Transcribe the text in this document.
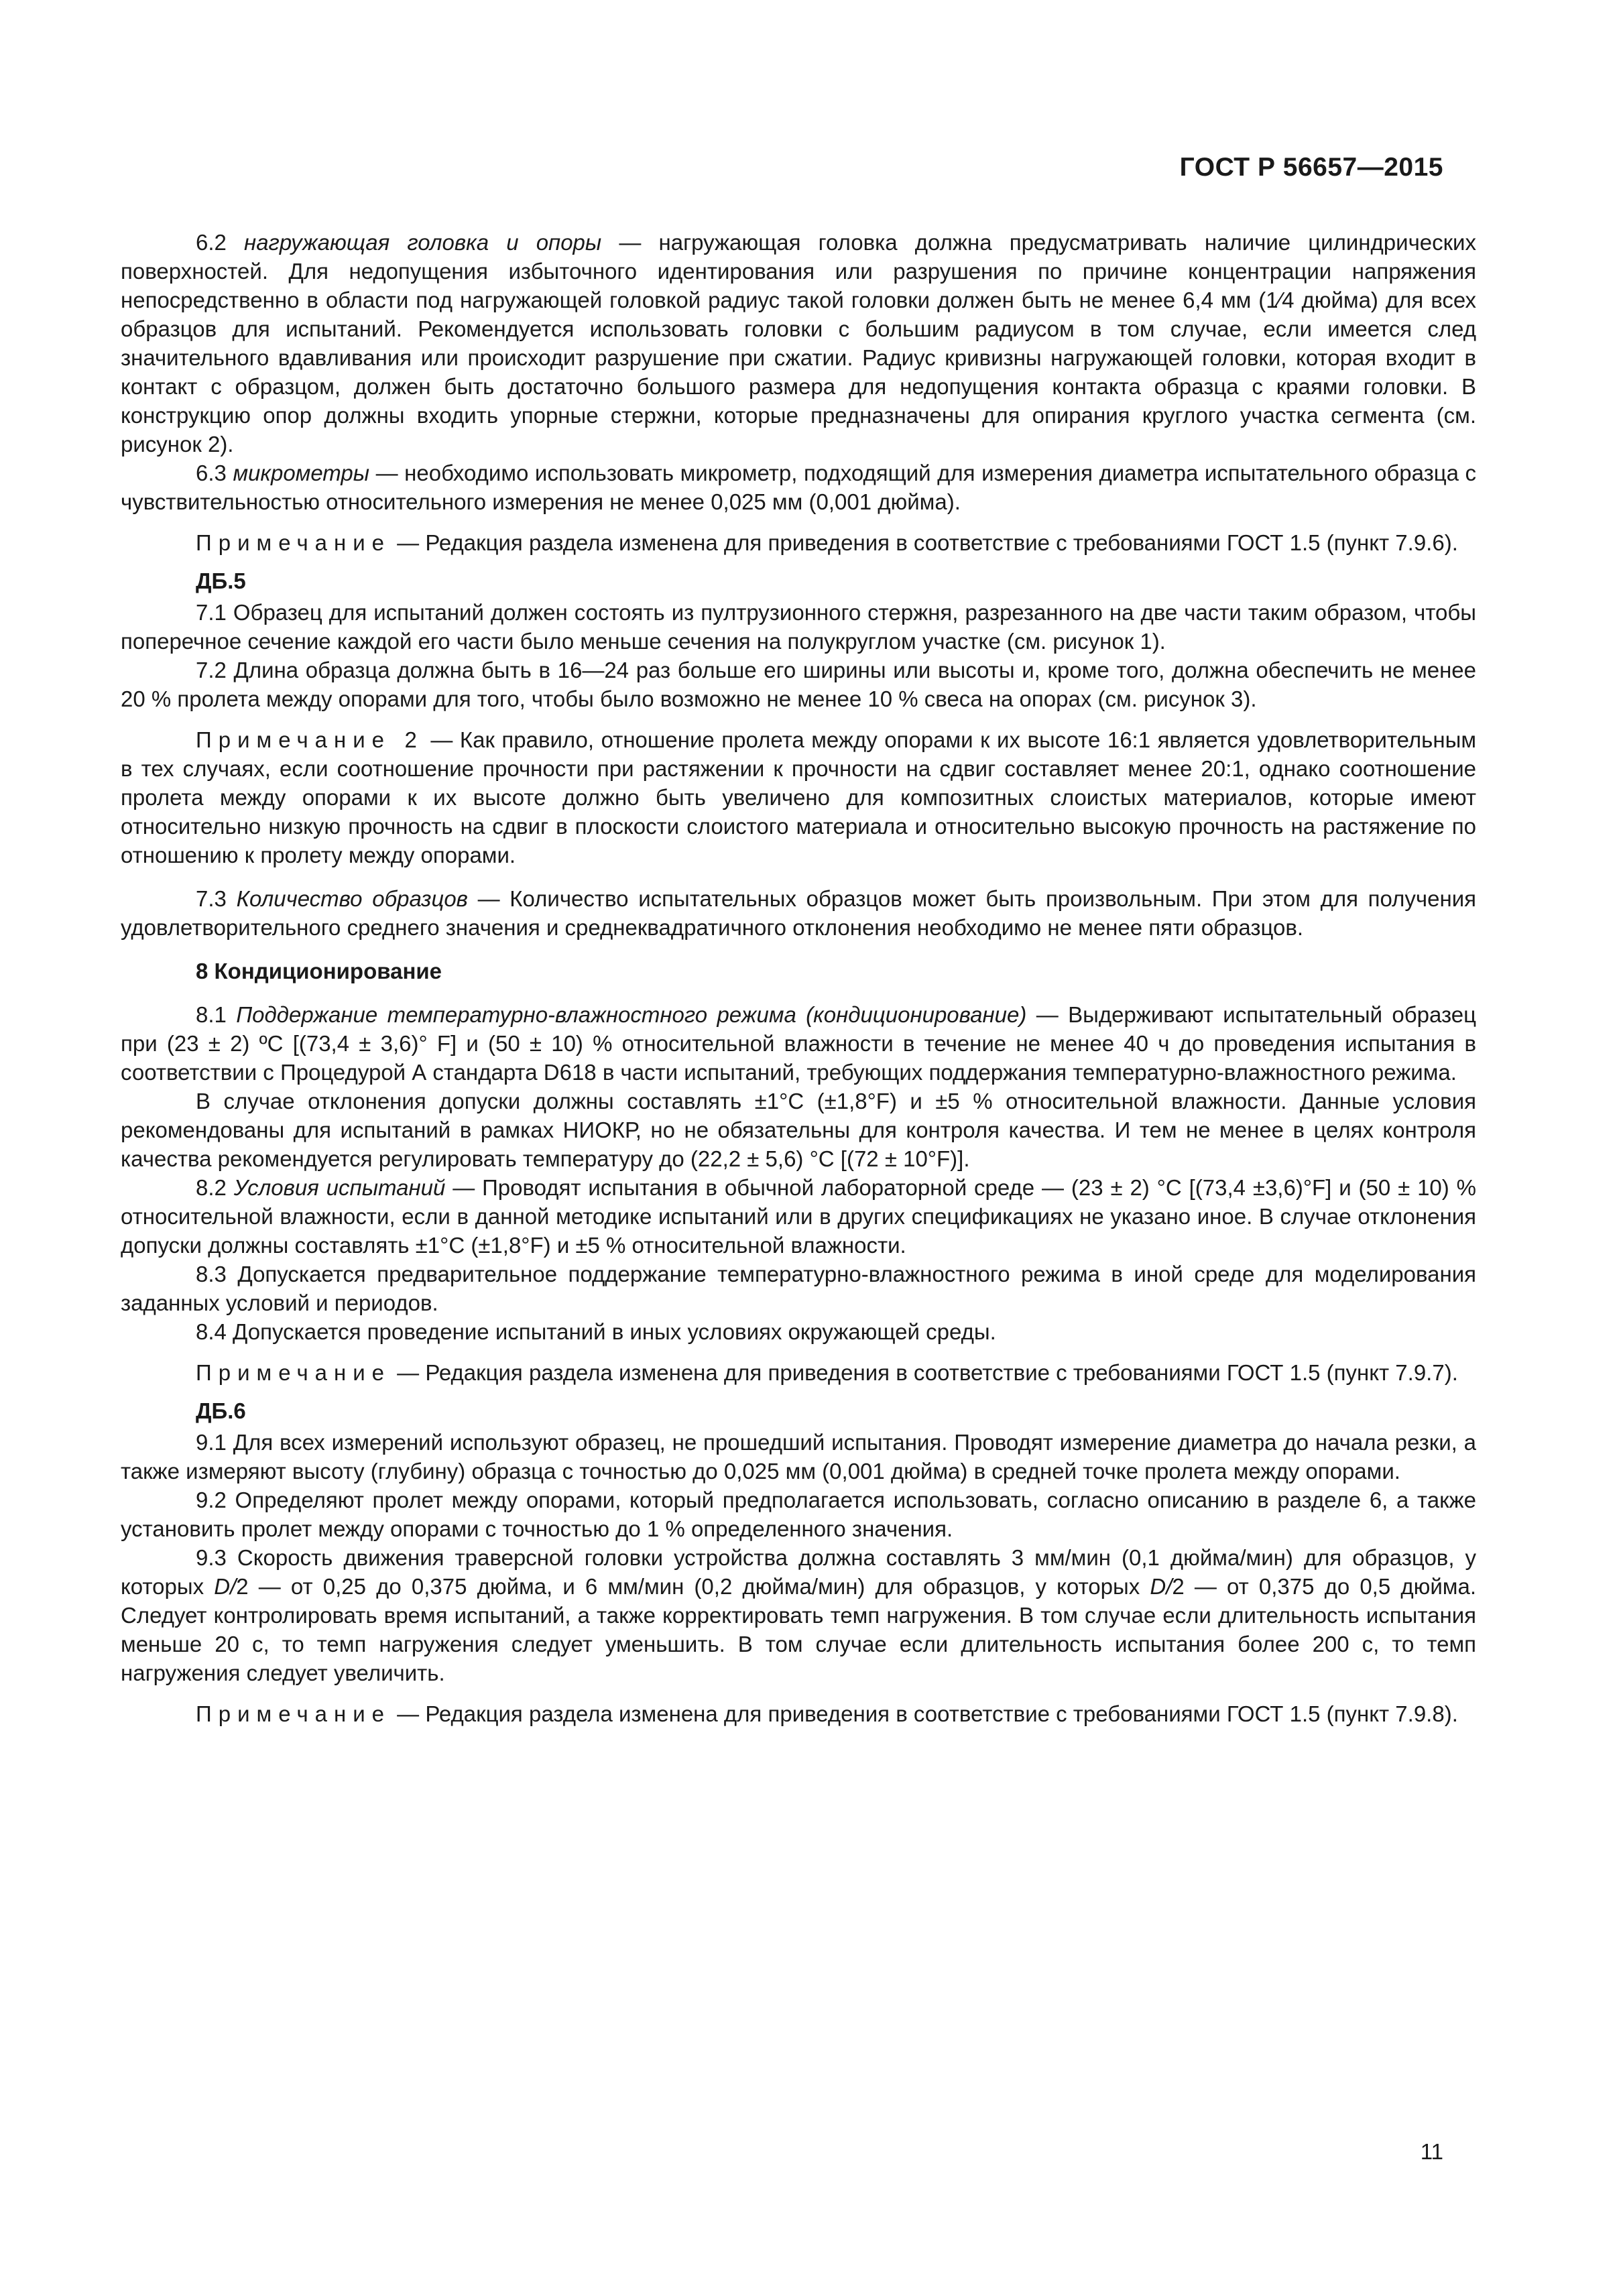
ГОСТ Р 56657—2015

6.2 нагружающая головка и опоры — нагружающая головка должна предусматривать наличие цилиндрических поверхностей. Для недопущения избыточного идентирования или разрушения по причине концентрации напряжения непосредственно в области под нагружающей головкой радиус такой головки должен быть не менее 6,4 мм (1⁄4 дюйма) для всех образцов для испытаний. Рекомендуется использовать головки с большим радиусом в том случае, если имеется след значительного вдавливания или происходит разрушение при сжатии. Радиус кривизны нагружающей головки, которая входит в контакт с образцом, должен быть достаточно большого размера для недопущения контакта образца с краями головки. В конструкцию опор должны входить упорные стержни, которые предназначены для опирания круглого участка сегмента (см. рисунок 2).

6.3 микрометры — необходимо использовать микрометр, подходящий для измерения диаметра испытательного образца с чувствительностью относительного измерения не менее 0,025 мм (0,001 дюйма).

Примечание — Редакция раздела изменена для приведения в соответствие с требованиями ГОСТ 1.5 (пункт 7.9.6).

ДБ.5

7.1 Образец для испытаний должен состоять из пултрузионного стержня, разрезанного на две части таким образом, чтобы поперечное сечение каждой его части было меньше сечения на полукруглом участке (см. рисунок 1).

7.2 Длина образца должна быть в 16—24 раз больше его ширины или высоты и, кроме того, должна обеспечить не менее 20 % пролета между опорами для того, чтобы было возможно не менее 10 % свеса на опорах (см. рисунок 3).

Примечание 2 — Как правило, отношение пролета между опорами к их высоте 16:1 является удовлетворительным в тех случаях, если соотношение прочности при растяжении к прочности на сдвиг составляет менее 20:1, однако соотношение пролета между опорами к их высоте должно быть увеличено для композитных слоистых материалов, которые имеют относительно низкую прочность на сдвиг в плоскости слоистого материала и относительно высокую прочность на растяжение по отношению к пролету между опорами.

7.3 Количество образцов — Количество испытательных образцов может быть произвольным. При этом для получения удовлетворительного среднего значения и среднеквадратичного отклонения необходимо не менее пяти образцов.

8 Кондиционирование

8.1 Поддержание температурно-влажностного режима (кондиционирование) — Выдерживают испытательный образец при (23 ± 2) ºС [(73,4 ± 3,6)° F] и (50 ± 10) % относительной влажности в течение не менее 40 ч до проведения испытания в соответствии с Процедурой А стандарта D618 в части испытаний, требующих поддержания температурно-влажностного режима.

В случае отклонения допуски должны составлять ±1°С (±1,8°F) и ±5 % относительной влажности. Данные условия рекомендованы для испытаний в рамках НИОКР, но не обязательны для контроля качества. И тем не менее в целях контроля качества рекомендуется регулировать температуру до (22,2 ± 5,6) °С [(72 ± 10°F)].

8.2 Условия испытаний — Проводят испытания в обычной лабораторной среде — (23 ± 2) °С [(73,4 ±3,6)°F] и (50 ± 10) % относительной влажности, если в данной методике испытаний или в других спецификациях не указано иное. В случае отклонения допуски должны составлять ±1°С (±1,8°F) и ±5 % относительной влажности.

8.3 Допускается предварительное поддержание температурно-влажностного режима в иной среде для моделирования заданных условий и периодов.

8.4 Допускается проведение испытаний в иных условиях окружающей среды.

Примечание — Редакция раздела изменена для приведения в соответствие с требованиями ГОСТ 1.5 (пункт 7.9.7).

ДБ.6

9.1 Для всех измерений используют образец, не прошедший испытания. Проводят измерение диаметра до начала резки, а также измеряют высоту (глубину) образца с точностью до 0,025 мм (0,001 дюйма) в средней точке пролета между опорами.

9.2 Определяют пролет между опорами, который предполагается использовать, согласно описанию в разделе 6, а также установить пролет между опорами с точностью до 1 % определенного значения.

9.3 Скорость движения траверсной головки устройства должна составлять 3 мм/мин (0,1 дюйма/мин) для образцов, у которых D/2 — от 0,25 до 0,375 дюйма, и 6 мм/мин (0,2 дюйма/мин) для образцов, у которых D/2 — от 0,375 до 0,5 дюйма. Следует контролировать время испытаний, а также корректировать темп нагружения. В том случае если длительность испытания меньше 20 с, то темп нагружения следует уменьшить. В том случае если длительность испытания более 200 с, то темп нагружения следует увеличить.

Примечание — Редакция раздела изменена для приведения в соответствие с требованиями ГОСТ 1.5 (пункт 7.9.8).

11
